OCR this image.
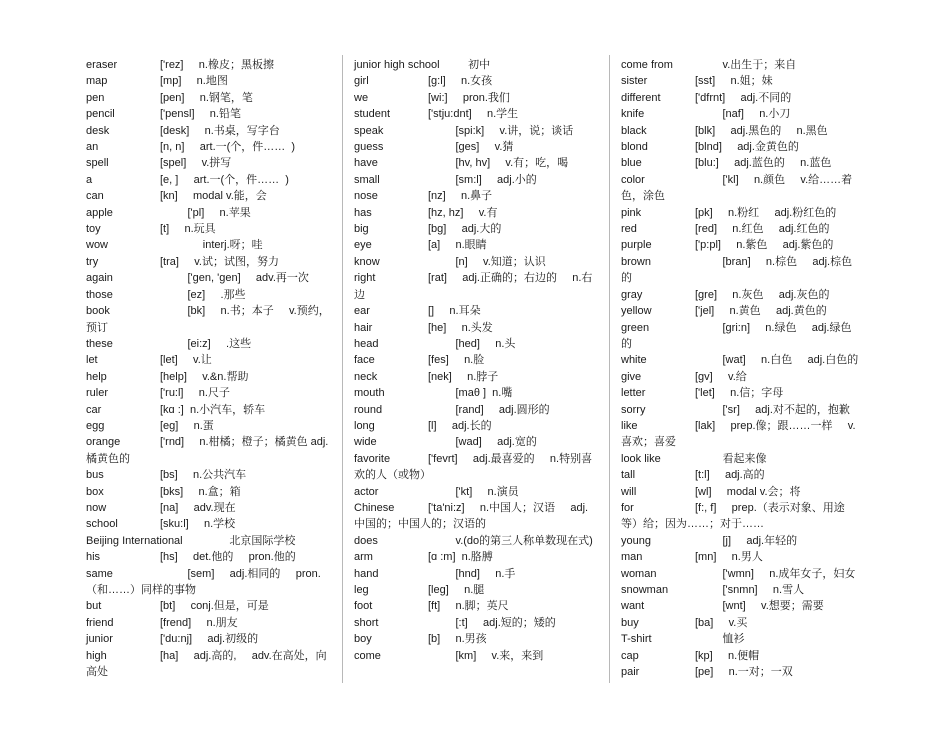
eraser	['rez]     n.橡皮；黑板擦
map	[mp]     n.地图
pen	[pen]     n.钢笔，笔
pencil	['pensl]     n.铅笔
desk	[desk]     n.书桌，写字台
an	[n, n]     art.一(个，件……  )
spell	[spel]     v.拼写
a	[e, ]     art.一(个，件……  )
can	[kn]     modal v.能，会
apple	['pl]     n.苹果
toy	[t]     n.玩具
wow	interj.呀；哇
try	[tra]     v.试；试图，努力
again	['gen, 'gen]     adv.再一次
those	[ez]     .那些
book	[bk]     n.书；本子     v.预约，预订
these	[ei:z]     .这些
let	[let]     v.让
help	[help]     v.&n.帮助
ruler	['ru:l]     n.尺子
car	[kɑ :]  n.小汽车，轿车
egg	[eg]     n.蛋
orange	['rnd]     n.柑橘；橙子；橘黄色 adj.橘黄色的
bus	[bs]     n.公共汽车
box	[bks]     n.盒；箱
now	[na]     adv.现在
school	[sku:l]     n.学校
Beijing International              北京国际学校
his	[hs]     det.他的     pron.他的
same	[sem]     adj.相同的     pron.（和……）同样的事物
but	[bt]     conj.但是，可是
friend	[frend]     n.朋友
junior	['du:nj]     adj.初级的
high	[ha]     adj.高的,     adv.在高处，向高处
junior high school        初中
girl	[g:l]     n.女孩
we	[wi:]     pron.我们
student	['stju:dnt]     n.学生
speak	[spi:k]     v.讲，说；谈话
guess	[ges]     v.猜
have	[hv, hv]     v.有；吃，喝
small	[sm:l]     adj.小的
nose	[nz]     n.鼻子
has	[hz, hz]     v.有
big	[bg]     adj.大的
eye	[a]     n.眼睛
know	[n]     v.知道；认识
right	[rat]     adj.正确的；右边的     n.右边
ear	[]     n.耳朵
hair	[he]     n.头发
head	[hed]     n.头
face	[fes]     n.脸
neck	[nek]     n.脖子
mouth	[maθ ]  n.嘴
round	[rand]     adj.圆形的
long	[l]     adj.长的
wide	[wad]     adj.宽的
favorite	['fevrt]     adj.最喜爱的     n.特别喜欢的人（或物）
actor	['kt]     n.演员
Chinese	['ta'ni:z]     n.中国人；汉语     adj.中国的；中国人的；汉语的
does	v.(do的第三人称单数现在式)
arm	[ɑ :m]  n.胳膊
hand	[hnd]     n.手
leg	[leg]     n.腿
foot	[ft]     n.脚；英尺
short	[:t]     adj.短的；矮的
boy	[b]     n.男孩
come	[km]     v.来，来到
come from         v.出生于；来自
sister	[sst]     n.姐；妹
different	['dfrnt]     adj.不同的
knife	[naf]     n.小刀
black	[blk]     adj.黑色的     n.黑色
blond	[blnd]     adj.金黄色的
blue	[blu:]     adj.蓝色的     n.蓝色
color	['kl]     n.颜色     v.给……着色，涂色
pink	[pk]     n.粉红     adj.粉红色的
red	[red]     n.红色     adj.红色的
purple	['p:pl]     n.紫色     adj.紫色的
brown	[bran]     n.棕色     adj.棕色的
gray	[gre]     n.灰色     adj.灰色的
yellow	['jel]     n.黄色     adj.黄色的
green	[gri:n]     n.绿色     adj.绿色的
white	[wat]     n.白色     adj.白色的
give	[gv]     v.给
letter	['let]     n.信；字母
sorry	['sr]     adj.对不起的，抱歉
like	[lak]     prep.像；跟……一样     v.喜欢；喜爱
look like	看起来像
tall	[t:l]     adj.高的
will	[wl]     modal v.会；将
for	[f:, f]     prep.（表示对象、用途等）给；因为……；对于……
young	[j]     adj.年轻的
man	[mn]     n.男人
woman	['wmn]     n.成年女子，妇女
snowman         ['snmn]     n.雪人
want	[wnt]     v.想要；需要
buy	[ba]     v.买
T-shirt	恤衫
cap	[kp]     n.便帽
pair	[pe]     n.一对；一双
